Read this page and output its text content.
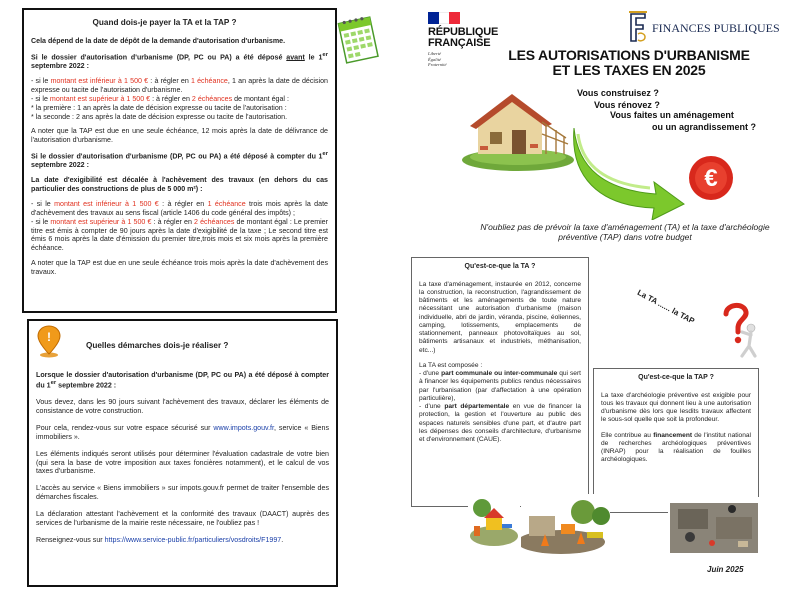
Quand dois-je payer la TA et la TAP ?

Cela dépend de la date de dépôt de la demande d'autorisation d'urbanisme.

Si le dossier d'autorisation d'urbanisme (DP, PC ou PA) a été déposé avant le 1er septembre 2022 :

- si le montant est inférieur à 1 500 € : à régler en 1 échéance, 1 an après la date de décision expresse ou tacite de l'autorisation d'urbanisme.
- si le montant est supérieur à 1 500 € : à régler en 2 échéances de montant égal :
* la première : 1 an après la date de décision expresse ou tacite de l'autorisation :
* la seconde : 2 ans après la date de décision expresse ou tacite de l'autorisation.

A noter que la TAP est due en une seule échéance, 12 mois après la date de délivrance de l'autorisation d'urbanisme.

Si le dossier d'autorisation d'urbanisme (DP, PC ou PA) a été déposé à compter du 1er septembre 2022 :

La date d'exigibilité est décalée à l'achèvement des travaux (en dehors du cas particulier des constructions de plus de 5 000 m²) :

- si le montant est inférieur à 1 500 € : à régler en 1 échéance trois mois après la date d'achèvement des travaux au sens fiscal (article 1406 du code général des impôts) ;
- si le montant est supérieur à 1 500 € : à régler en 2 échéances de montant égal : Le premier titre est émis à compter de 90 jours après la date d'exigibilité de la taxe ; Le second titre est émis 6 mois après la date d'émission du premier titre,trois mois et six mois après la première échéance.

A noter que la TAP est due en une seule échéance trois mois après la date d'achèvement des travaux.

Quelles démarches dois-je réaliser ?

Lorsque le dossier d'autorisation d'urbanisme (DP, PC ou PA) a été déposé à compter du 1er septembre 2022 :

Vous devez, dans les 90 jours suivant l'achèvement des travaux, déclarer les éléments de consistance de votre construction.

Pour cela, rendez-vous sur votre espace sécurisé sur www.impots.gouv.fr, service « Biens immobiliers ».

Les éléments indiqués seront utilisés pour déterminer l'évaluation cadastrale de votre bien (qui sera la base de votre imposition aux taxes foncières notamment), et le calcul de vos taxes d'urbanisme.

L'accès au service « Biens immobiliers » sur impots.gouv.fr permet de traiter l'ensemble des démarches fiscales.

La déclaration attestant l'achèvement et la conformité des travaux (DAACT) auprès des services de l'urbanisme de la mairie reste nécessaire, ne l'oubliez pas !

Renseignez-vous sur https://www.service-public.fr/particuliers/vosdroits/F1997.

!
RÉPUBLIQUE
FRANÇAISE
Liberté
Égalité
Fraternité
FINANCES PUBLIQUES
LES AUTORISATIONS D'URBANISME
ET LES TAXES EN 2025
Vous construisez ?
Vous rénovez ?
Vous faites un aménagement
ou un agrandissement ?
€
N'oubliez pas de prévoir la taxe d'aménagement (TA) et la taxe d'archéologie préventive (TAP) dans votre budget
Qu'est-ce-que la TA ?

La taxe d'aménagement, instaurée en 2012, concerne la construction, la reconstruction, l'agrandissement de bâtiments et les aménagements de toute nature nécessitant une autorisation d'urbanisme (maison individuelle, abri de jardin, véranda, piscine, éoliennes, camping, lotissements, emplacements de stationnement, panneaux photovoltaïques au sol, bâtiments artisanaux et industriels, méthanisation, etc...)

La TA est composée :
- d'une part communale ou inter-communale qui sert à financer les équipements publics rendus nécessaires par l'urbanisation (par d'affectation à une opération particulière),
- d'une part départementale en vue de financer la protection, la gestion et l'ouverture au public des espaces naturels sensibles d'une part, et d'autre part les dépenses des conseils d'architecture, d'urbanisme et d'environnement (CAUE).

La TA ...... la TAP
Qu'est-ce-que la TAP ?

La taxe d'archéologie préventive est exigible pour tous les travaux qui donnent lieu à une autorisation d'urbanisme dès lors que lesdits travaux affectent le sous-sol quelle que soit la profondeur.

Elle contribue au financement de l'institut national de recherches archéologiques préventives (INRAP) pour la réalisation de fouilles archéologiques.

Juin 2025
